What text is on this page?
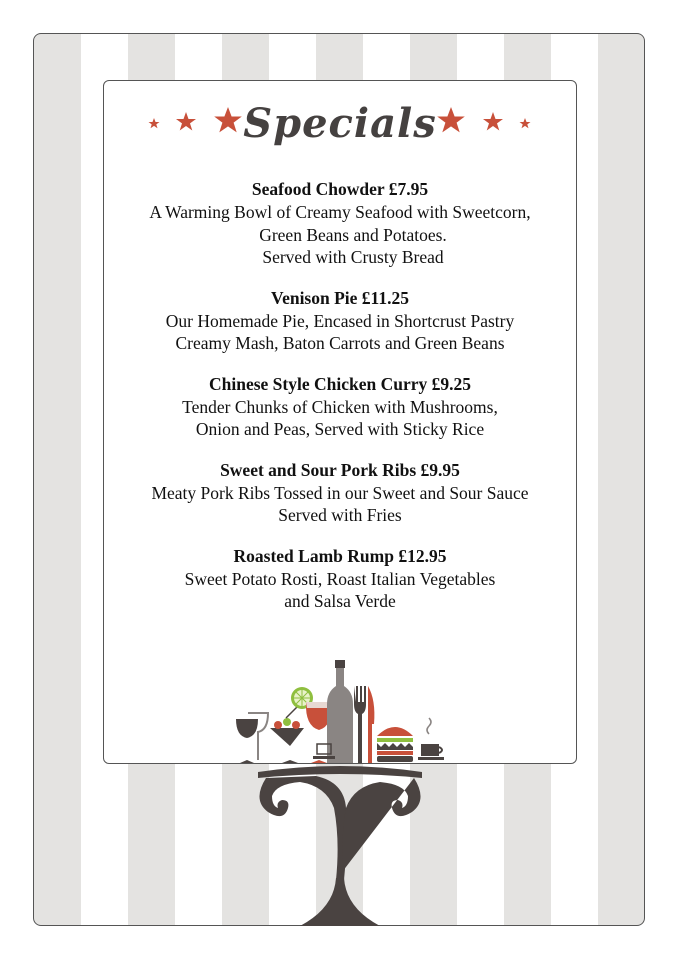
Specials

Seafood Chowder £7.95

A Warming Bowl of Creamy Seafood with Sweetcorn,

Green Beans and Potatoes.

Served with Crusty Bread

Venison Pie £11.25

Our Homemade Pie, Encased in Shortcrust Pastry

Creamy Mash, Baton Carrots and Green Beans

Chinese Style Chicken Curry £9.25

Tender Chunks of Chicken with Mushrooms,

Onion and Peas, Served with Sticky Rice

Sweet and Sour Pork Ribs £9.95

Meaty Pork Ribs Tossed in our Sweet and Sour Sauce

Served with Fries

Roasted Lamb Rump £12.95

Sweet Potato Rosti, Roast Italian Vegetables

and Salsa Verde
